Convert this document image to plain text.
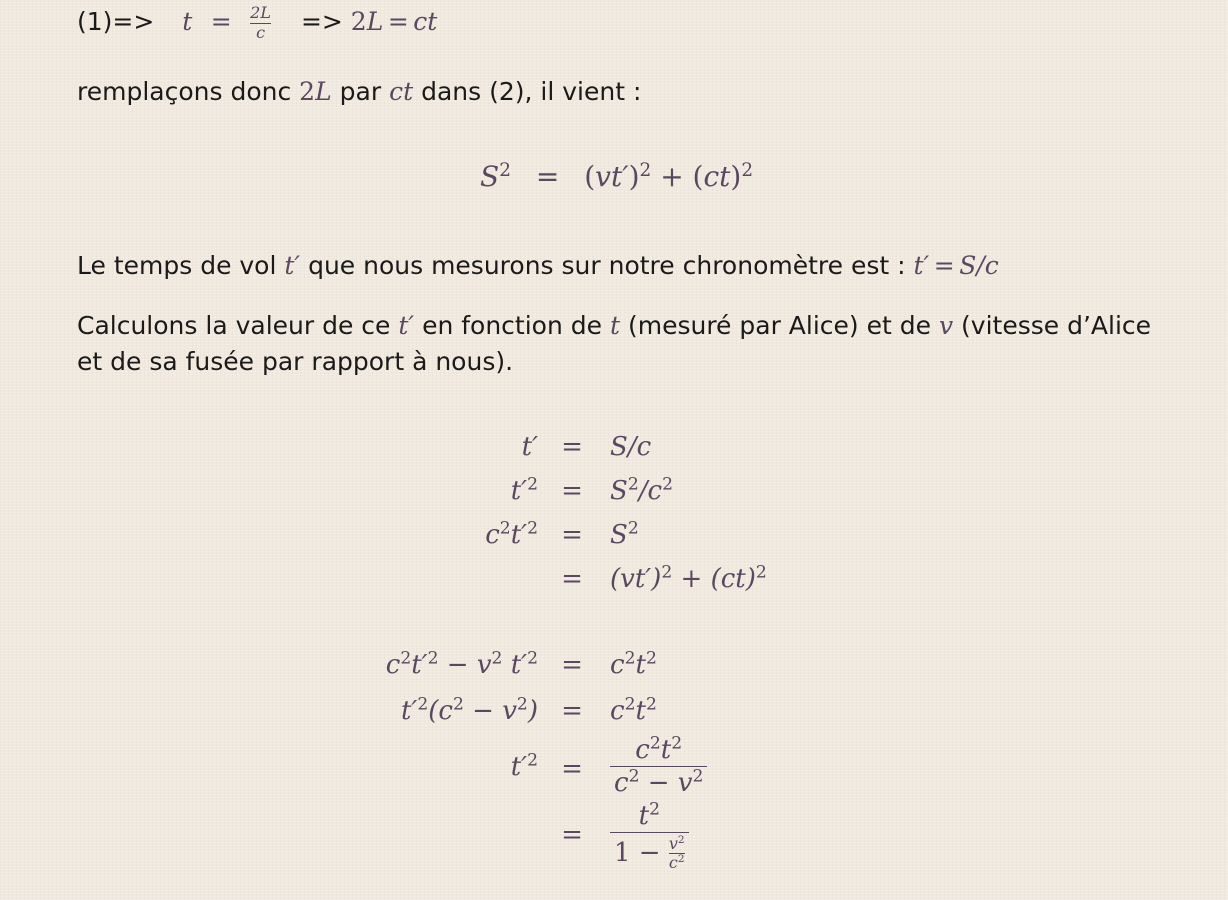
$(1)=> t = \frac{2L}{c} => 2L$ = ct
remplaçons donc 2L par ct dans (2), il vient :
$S^2 = (vt')^2 + (ct)^2$
Le temps de vol t′ que nous mesurons sur notre chronomètre est : t′ = S/c
Calculons la valeur de ce t′ en fonction de t (mesuré par Alice) et de v (vitesse d’Alice
et de sa fusée par rapport à nous).
t′ = S/c
$t'^2 = S^2/c^2$
$c^2t'^2 = S^2$
= $(vt')^2 + (ct)^2$
$c^2t'^2 - v^2$ $t'^2 = c^2t^2$
$t'^2(c^2 - v^2) = c^2t^2$
$t'^2 = \frac{c^2t^2}{c^2 - v^2}$
= $\frac{t^2}{1 - \frac{v^2}{c^2}}$
